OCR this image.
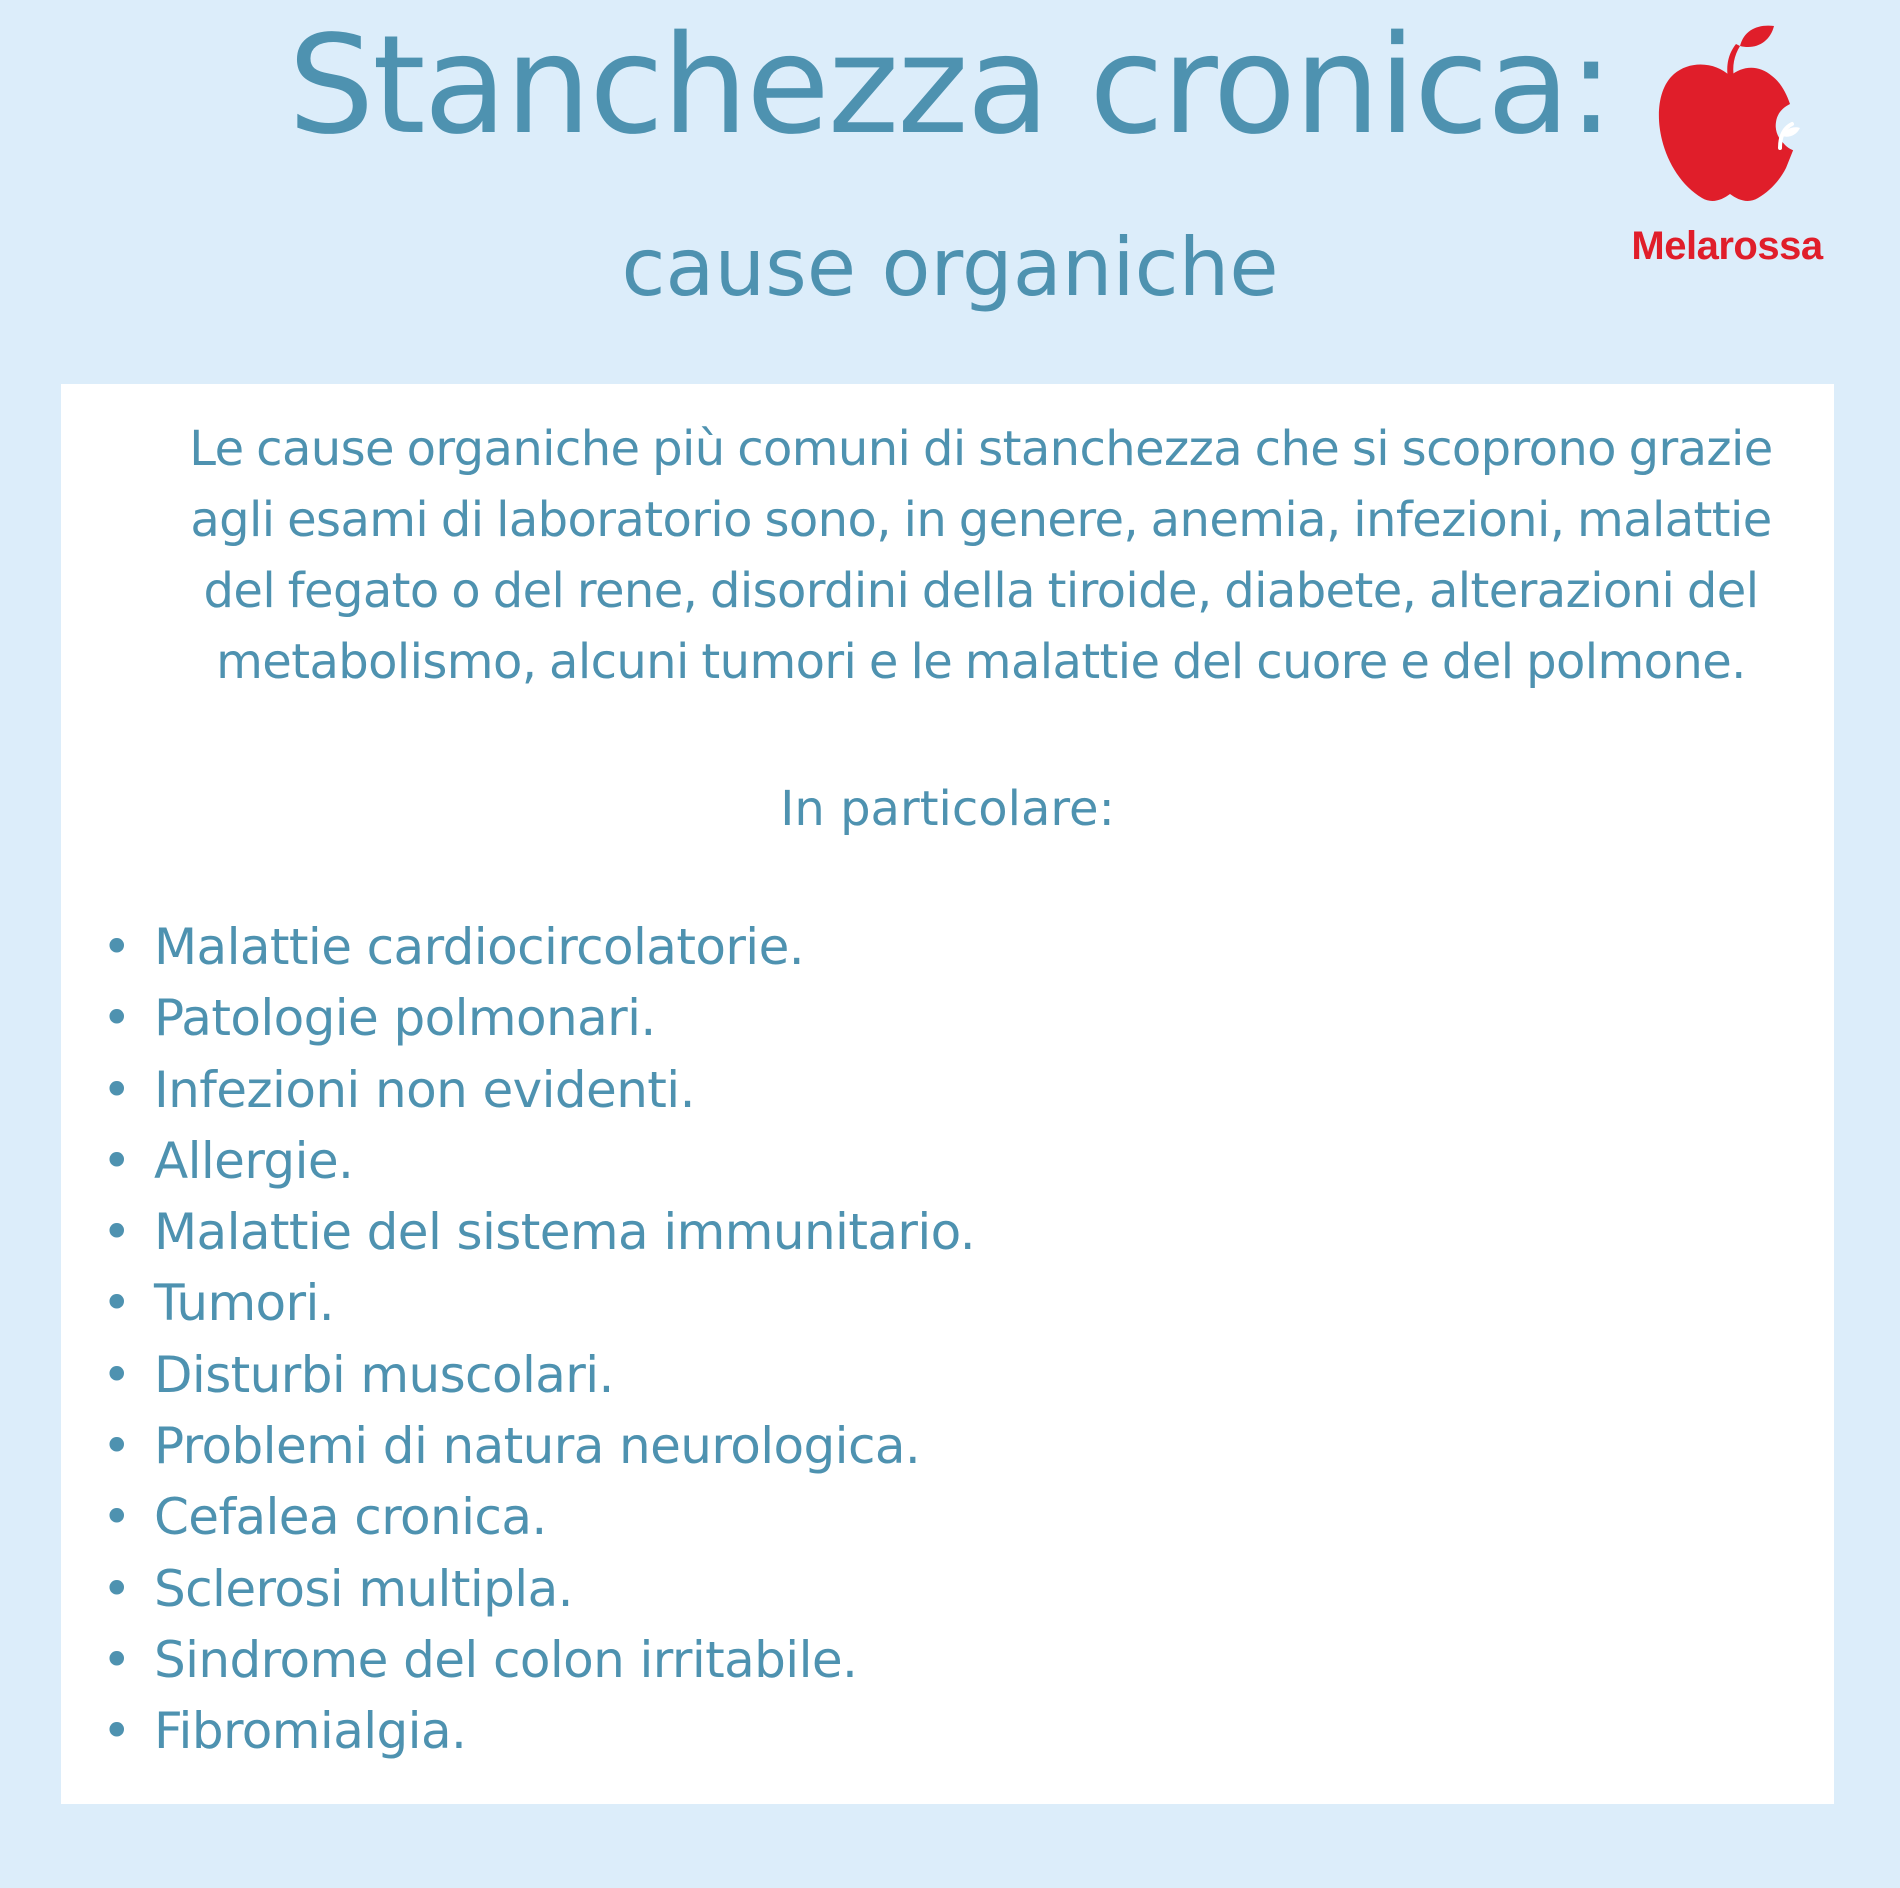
Stanchezza cronica:
cause organiche	Melarossa

Le cause organiche più comuni di stanchezza che si scoprono grazie agli esami di laboratorio sono, in genere, anemia, infezioni, malattie del fegato o del rene, disordini della tiroide, diabete, alterazioni del metabolismo, alcuni tumori e le malattie del cuore e del polmone.

In particolare:

• Malattie cardiocircolatorie.
• Patologie polmonari.
• Infezioni non evidenti.
• Allergie.
• Malattie del sistema immunitario.
• Tumori.
• Disturbi muscolari.
• Problemi di natura neurologica.
• Cefalea cronica.
• Sclerosi multipla.
• Sindrome del colon irritabile.
• Fibromialgia.
